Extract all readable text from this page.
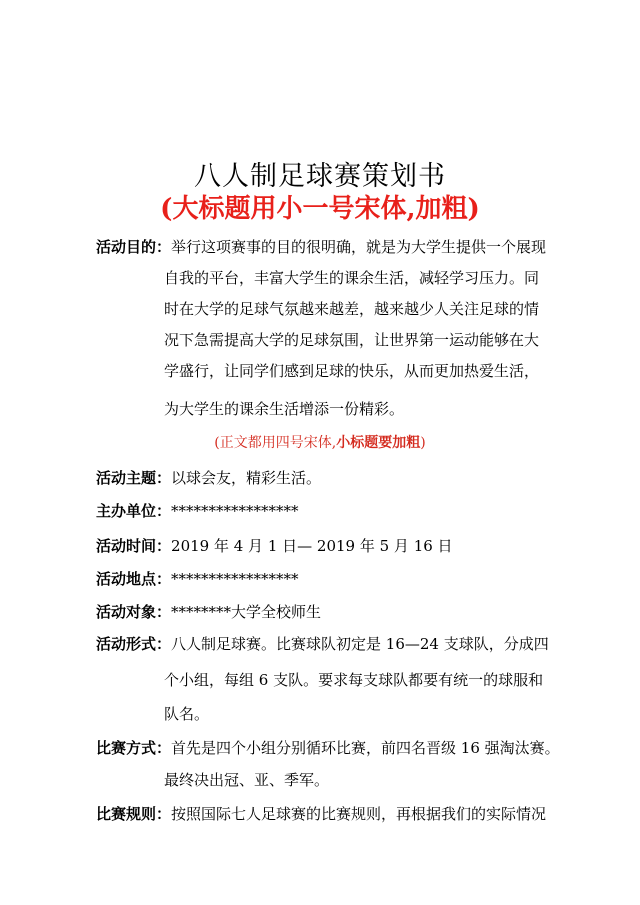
八人制足球赛策划书
(大标题用小一号宋体,加粗)
活动目的：举行这项赛事的目的很明确，就是为大学生提供一个展现
自我的平台，丰富大学生的课余生活，减轻学习压力。同
时在大学的足球气氛越来越差，越来越少人关注足球的情
况下急需提高大学的足球氛围，让世界第一运动能够在大
学盛行，让同学们感到足球的快乐，从而更加热爱生活，
为大学生的课余生活增添一份精彩。
(正文都用四号宋体,小标题要加粗)
活动主题：以球会友，精彩生活。
主办单位：*****************
活动时间：2019 年 4 月 1 日— 2019 年 5 月 16 日
活动地点：*****************
活动对象：********大学全校师生
活动形式：八人制足球赛。比赛球队初定是 16—24 支球队，分成四
个小组，每组 6 支队。要求每支球队都要有统一的球服和
队名。
比赛方式：首先是四个小组分别循环比赛，前四名晋级 16 强淘汰赛。
最终决出冠、亚、季军。
比赛规则：按照国际七人足球赛的比赛规则，再根据我们的实际情况
